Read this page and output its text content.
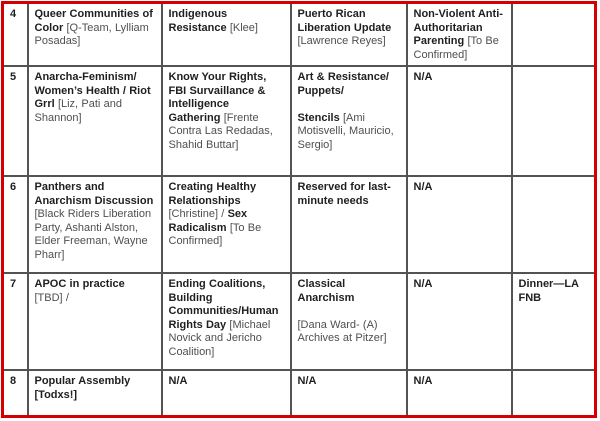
4	Queer Communities of Color [Q-Team, Lylliam Posadas]	Indigenous Resistance [Klee]	Puerto Rican Liberation Update [Lawrence Reyes]	Non-Violent Anti-Authoritarian Parenting [To Be Confirmed]	

5	Anarcha-Feminism/​ Women’s Health /​ Riot Grrl [Liz, Pati and Shannon]	Know Your Rights, FBI Survaillance & Intelligence Gathering [Frente Contra Las Redadas, Shahid Buttar]	Art & Resistance/​Puppets/​
Stencils [Ami Motisvelli, Mauricio, Sergio]	N/​A	

6	Panthers and Anarchism Discussion [Black Riders Liberation Party, Ashanti Alston, Elder Freeman, Wayne Pharr]	Creating Healthy Relationships [Christine] /​ Sex Radicalism [To Be Confirmed]	Reserved for last-minute needs	N/​A	

7	APOC in practice [TBD] /​	Ending Coalitions, Building Communities/​Human Rights Day [Michael Novick and Jericho Coalition]	Classical Anarchism
[Dana Ward- (A) Archives at Pitzer]	N/​A	Dinner—LA FNB

8	Popular Assembly [Todxs!]	N/​A	N/​A	N/​A	
